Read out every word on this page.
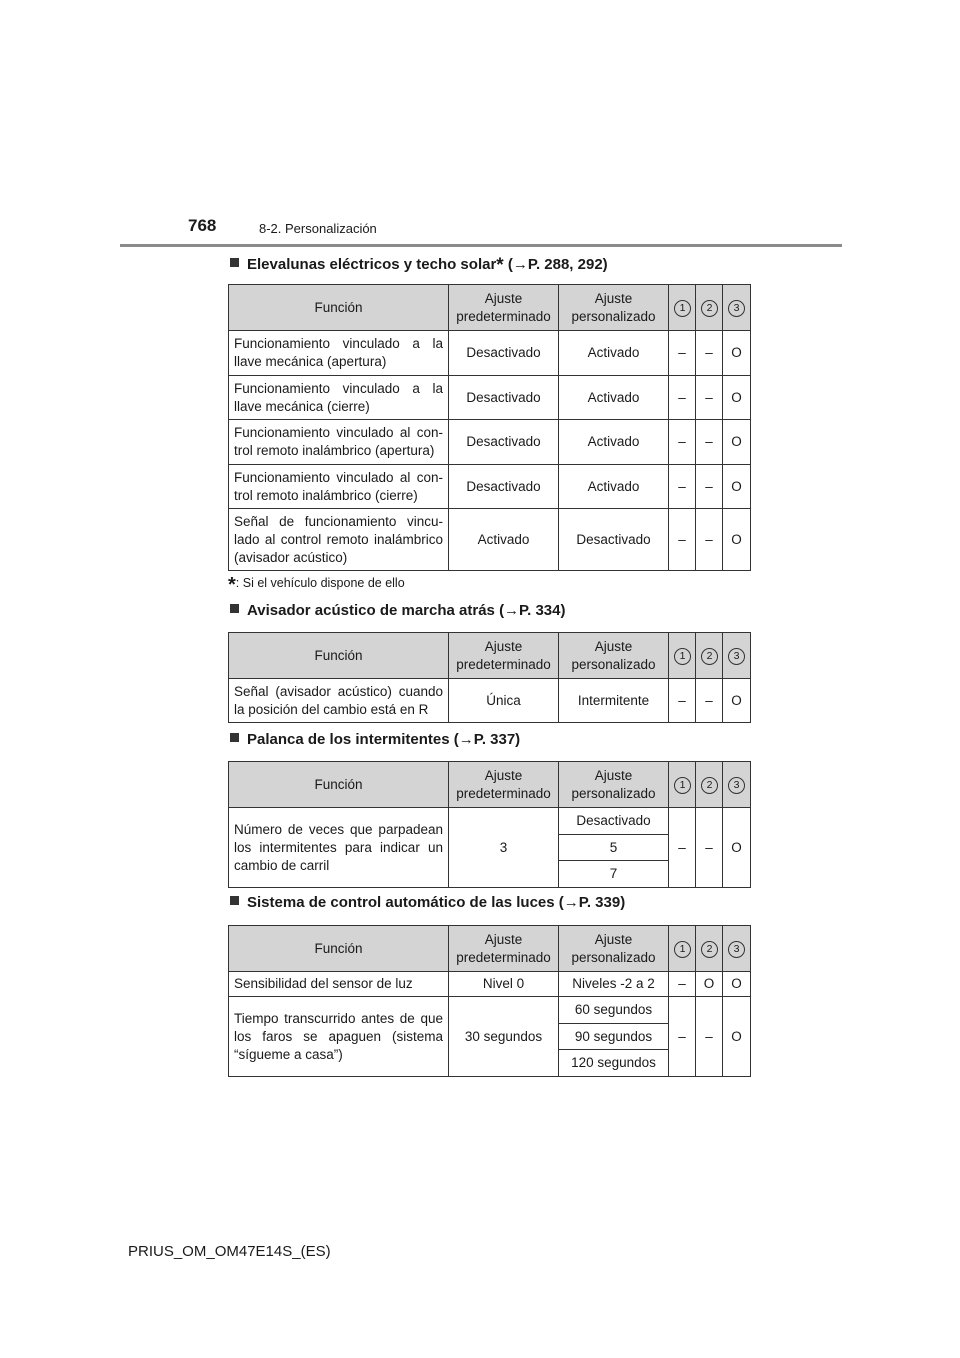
768	8-2. Personalización
Elevalunas eléctricos y techo solar* (→P. 288, 292)
Función	Ajuste predeterminado	Ajuste personalizado	1	2	3
Funcionamiento vinculado a la llave mecánica (apertura)	Desactivado	Activado	–	–	O
Funcionamiento vinculado a la llave mecánica (cierre)	Desactivado	Activado	–	–	O
Funcionamiento vinculado al con-trol remoto inalámbrico (apertura)	Desactivado	Activado	–	–	O
Funcionamiento vinculado al con-trol remoto inalámbrico (cierre)	Desactivado	Activado	–	–	O
Señal de funcionamiento vincu-lado al control remoto inalámbrico (avisador acústico)	Activado	Desactivado	–	–	O
*: Si el vehículo dispone de ello
Avisador acústico de marcha atrás (→P. 334)
Función	Ajuste predeterminado	Ajuste personalizado	1	2	3
Señal (avisador acústico) cuando la posición del cambio está en R	Única	Intermitente	–	–	O
Palanca de los intermitentes (→P. 337)
Función	Ajuste predeterminado	Ajuste personalizado	1	2	3
Número de veces que parpadean los intermitentes para indicar un cambio de carril	3	Desactivado	–	–	O
		5			
		7			
Sistema de control automático de las luces (→P. 339)
Función	Ajuste predeterminado	Ajuste personalizado	1	2	3
Sensibilidad del sensor de luz	Nivel 0	Niveles -2 a 2	–	O	O
Tiempo transcurrido antes de que los faros se apaguen (sistema “sígueme a casa”)	30 segundos	60 segundos	–	–	O
		90 segundos			
		120 segundos			
PRIUS_OM_OM47E14S_(ES)
